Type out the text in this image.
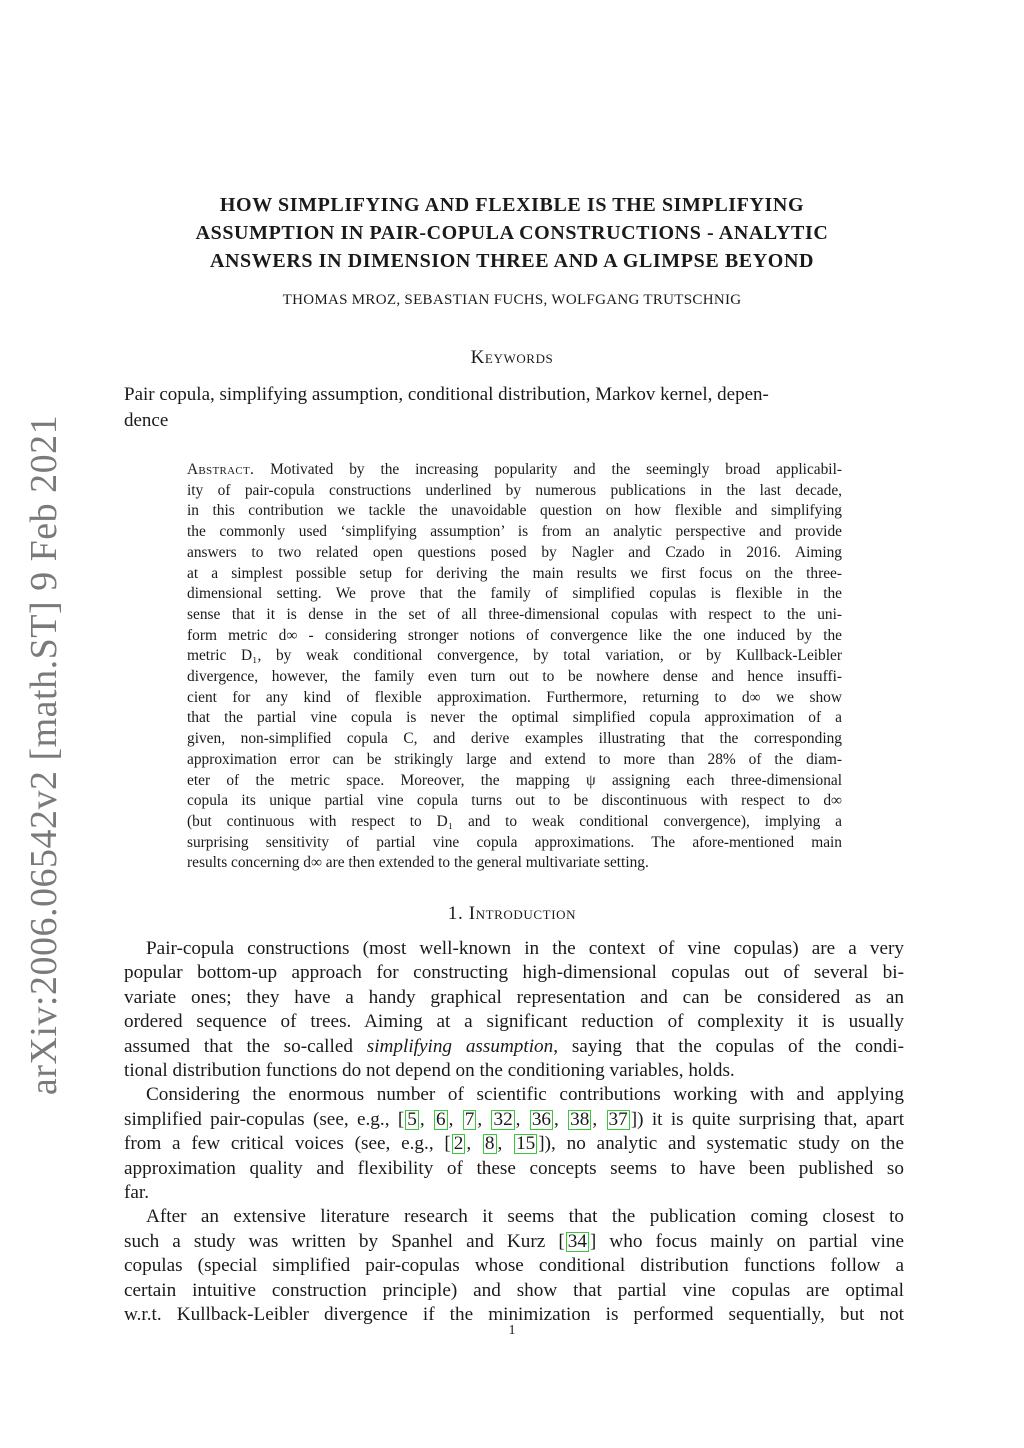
arXiv:2006.06542v2 [math.ST] 9 Feb 2021
HOW SIMPLIFYING AND FLEXIBLE IS THE SIMPLIFYING
ASSUMPTION IN PAIR-COPULA CONSTRUCTIONS - ANALYTIC
ANSWERS IN DIMENSION THREE AND A GLIMPSE BEYOND
THOMAS MROZ, SEBASTIAN FUCHS, WOLFGANG TRUTSCHNIG
Keywords
Pair copula, simplifying assumption, conditional distribution, Markov kernel, depen-
dence
Abstract. Motivated by the increasing popularity and the seemingly broad applicabil-
ity of pair-copula constructions underlined by numerous publications in the last decade,
in this contribution we tackle the unavoidable question on how flexible and simplifying
the commonly used ‘simplifying assumption’ is from an analytic perspective and provide
answers to two related open questions posed by Nagler and Czado in 2016. Aiming
at a simplest possible setup for deriving the main results we first focus on the three-
dimensional setting. We prove that the family of simplified copulas is flexible in the
sense that it is dense in the set of all three-dimensional copulas with respect to the uni-
form metric d∞ - considering stronger notions of convergence like the one induced by the
metric D₁, by weak conditional convergence, by total variation, or by Kullback-Leibler
divergence, however, the family even turn out to be nowhere dense and hence insuffi-
cient for any kind of flexible approximation. Furthermore, returning to d∞ we show
that the partial vine copula is never the optimal simplified copula approximation of a
given, non-simplified copula C, and derive examples illustrating that the corresponding
approximation error can be strikingly large and extend to more than 28% of the diam-
eter of the metric space. Moreover, the mapping ψ assigning each three-dimensional
copula its unique partial vine copula turns out to be discontinuous with respect to d∞
(but continuous with respect to D₁ and to weak conditional convergence), implying a
surprising sensitivity of partial vine copula approximations. The afore-mentioned main
results concerning d∞ are then extended to the general multivariate setting.
1. Introduction
Pair-copula constructions (most well-known in the context of vine copulas) are a very
popular bottom-up approach for constructing high-dimensional copulas out of several bi-
variate ones; they have a handy graphical representation and can be considered as an
ordered sequence of trees. Aiming at a significant reduction of complexity it is usually
assumed that the so-called simplifying assumption, saying that the copulas of the condi-
tional distribution functions do not depend on the conditioning variables, holds.
Considering the enormous number of scientific contributions working with and applying
simplified pair-copulas (see, e.g., [ 5 , 6 , 7 , 32 , 36 , 38 , 37 ]) it is quite surprising that, apart
from a few critical voices (see, e.g., [ 2 , 8 , 15 ]), no analytic and systematic study on the
approximation quality and flexibility of these concepts seems to have been published so
far.
After an extensive literature research it seems that the publication coming closest to
such a study was written by Spanhel and Kurz [ 34 ] who focus mainly on partial vine
copulas (special simplified pair-copulas whose conditional distribution functions follow a
certain intuitive construction principle) and show that partial vine copulas are optimal
w.r.t. Kullback-Leibler divergence if the minimization is performed sequentially, but not
1
